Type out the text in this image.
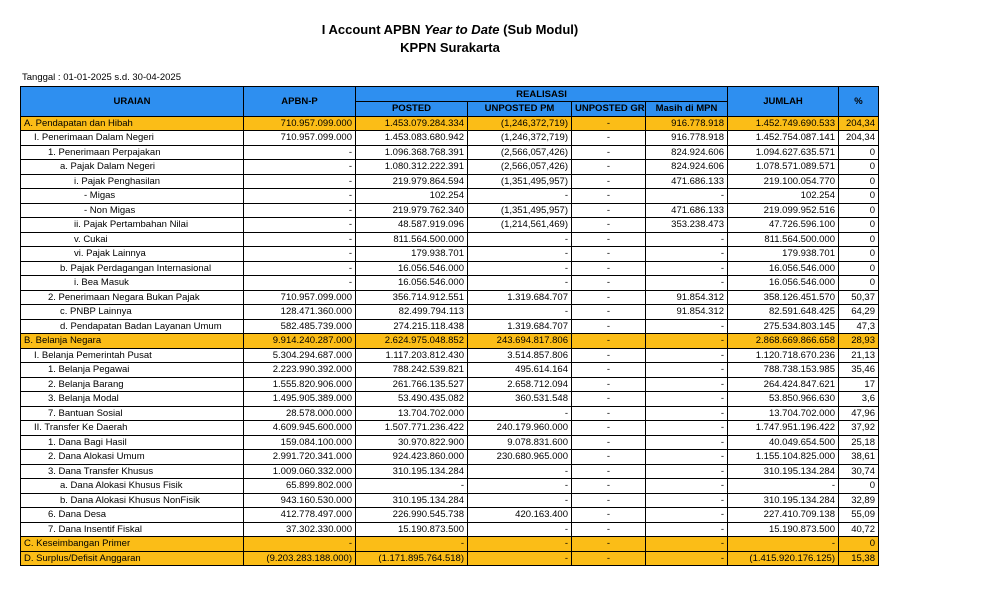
I Account APBN Year to Date (Sub Modul)
KPPN Surakarta
Tanggal : 01-01-2025 s.d. 30-04-2025
URAIAN	APBN-P	REALISASI				JUMLAH	%
		POSTED	UNPOSTED PM	UNPOSTED GR	Masih di MPN		
A. Pendapatan dan Hibah	710.957.099.000	1.453.079.284.334	(1,246,372,719)	-	916.778.918	1.452.749.690.533	204,34
I. Penerimaan Dalam Negeri	710.957.099.000	1.453.083.680.942	(1,246,372,719)	-	916.778.918	1.452.754.087.141	204,34
1. Penerimaan Perpajakan	-	1.096.368.768.391	(2,566,057,426)	-	824.924.606	1.094.627.635.571	0
a. Pajak Dalam Negeri	-	1.080.312.222.391	(2,566,057,426)	-	824.924.606	1.078.571.089.571	0
i. Pajak Penghasilan	-	219.979.864.594	(1,351,495,957)	-	471.686.133	219.100.054.770	0
- Migas	-	102.254	-	-	-	102.254	0
- Non Migas	-	219.979.762.340	(1,351,495,957)	-	471.686.133	219.099.952.516	0
ii. Pajak Pertambahan Nilai	-	48.587.919.096	(1,214,561,469)	-	353.238.473	47.726.596.100	0
v. Cukai	-	811.564.500.000	-	-	-	811.564.500.000	0
vi. Pajak Lainnya	-	179.938.701	-	-	-	179.938.701	0
b. Pajak Perdagangan Internasional	-	16.056.546.000	-	-	-	16.056.546.000	0
i. Bea Masuk	-	16.056.546.000	-	-	-	16.056.546.000	0
2. Penerimaan Negara Bukan Pajak	710.957.099.000	356.714.912.551	1.319.684.707	-	91.854.312	358.126.451.570	50,37
c. PNBP Lainnya	128.471.360.000	82.499.794.113	-	-	91.854.312	82.591.648.425	64,29
d. Pendapatan Badan Layanan Umum	582.485.739.000	274.215.118.438	1.319.684.707	-	-	275.534.803.145	47,3
B. Belanja Negara	9.914.240.287.000	2.624.975.048.852	243.694.817.806	-	-	2.868.669.866.658	28,93
I. Belanja Pemerintah Pusat	5.304.294.687.000	1.117.203.812.430	3.514.857.806	-	-	1.120.718.670.236	21,13
1. Belanja Pegawai	2.223.990.392.000	788.242.539.821	495.614.164	-	-	788.738.153.985	35,46
2. Belanja Barang	1.555.820.906.000	261.766.135.527	2.658.712.094	-	-	264.424.847.621	17
3. Belanja Modal	1.495.905.389.000	53.490.435.082	360.531.548	-	-	53.850.966.630	3,6
7. Bantuan Sosial	28.578.000.000	13.704.702.000	-	-	-	13.704.702.000	47,96
II. Transfer Ke Daerah	4.609.945.600.000	1.507.771.236.422	240.179.960.000	-	-	1.747.951.196.422	37,92
1. Dana Bagi Hasil	159.084.100.000	30.970.822.900	9.078.831.600	-	-	40.049.654.500	25,18
2. Dana Alokasi Umum	2.991.720.341.000	924.423.860.000	230.680.965.000	-	-	1.155.104.825.000	38,61
3. Dana Transfer Khusus	1.009.060.332.000	310.195.134.284	-	-	-	310.195.134.284	30,74
a. Dana Alokasi Khusus Fisik	65.899.802.000	-	-	-	-	-	0
b. Dana Alokasi Khusus NonFisik	943.160.530.000	310.195.134.284	-	-	-	310.195.134.284	32,89
6. Dana Desa	412.778.497.000	226.990.545.738	420.163.400	-	-	227.410.709.138	55,09
7. Dana Insentif Fiskal	37.302.330.000	15.190.873.500	-	-	-	15.190.873.500	40,72
C. Keseimbangan Primer	-	-	-	-	-	-	0
D. Surplus/Defisit Anggaran	(9.203.283.188.000)	(1.171.895.764.518)	-	-	-	(1.415.920.176.125)	15,38
